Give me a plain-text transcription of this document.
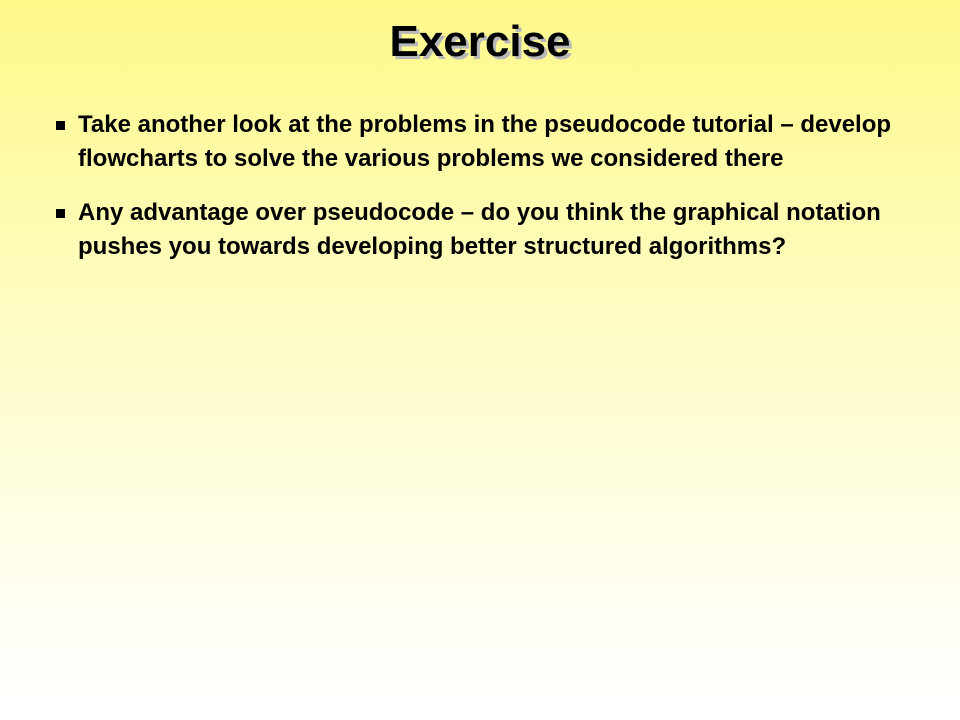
Exercise
Take another look at the problems in the pseudocode tutorial – develop flowcharts to solve the various problems we considered there
Any advantage over pseudocode – do you think the graphical notation pushes you towards developing better structured algorithms?
